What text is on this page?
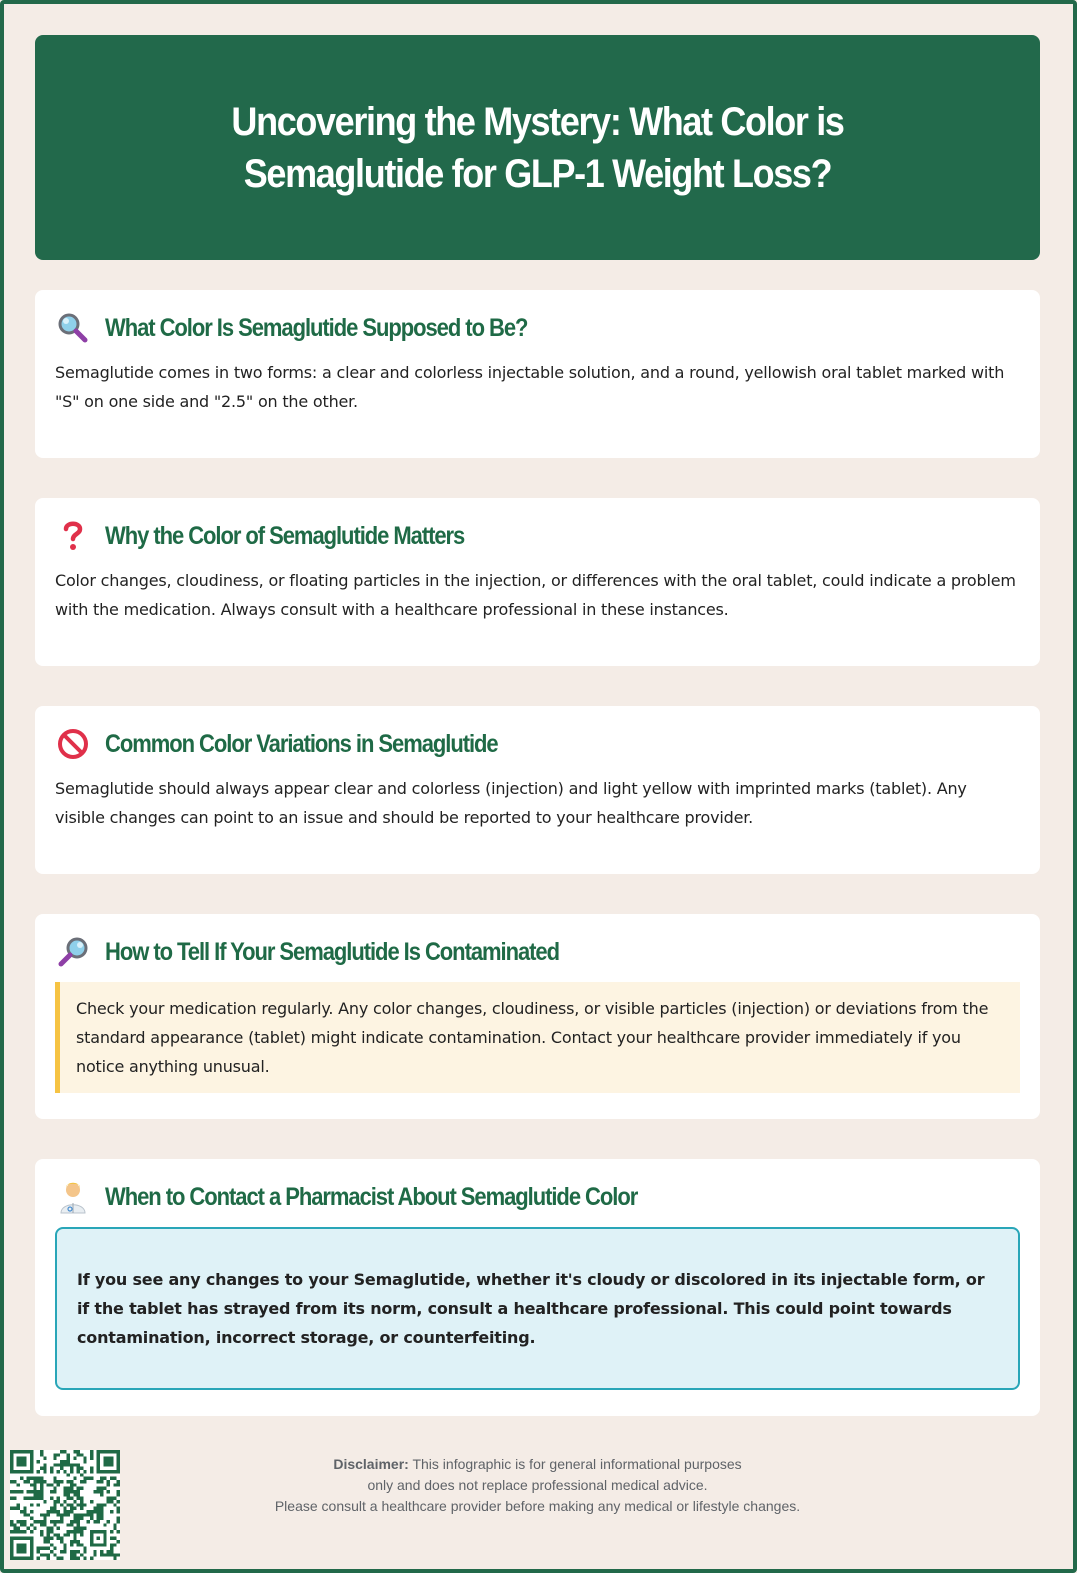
Uncovering the Mystery: What Color is Semaglutide for GLP-1 Weight Loss?
What Color Is Semaglutide Supposed to Be?

Semaglutide comes in two forms: a clear and colorless injectable solution, and a round, yellowish oral tablet marked with "S" on one side and "2.5" on the other.

Why the Color of Semaglutide Matters

Color changes, cloudiness, or floating particles in the injection, or differences with the oral tablet, could indicate a problem with the medication. Always consult with a healthcare professional in these instances.

Common Color Variations in Semaglutide

Semaglutide should always appear clear and colorless (injection) and light yellow with imprinted marks (tablet). Any visible changes can point to an issue and should be reported to your healthcare provider.

How to Tell If Your Semaglutide Is Contaminated

Check your medication regularly. Any color changes, cloudiness, or visible particles (injection) or deviations from the standard appearance (tablet) might indicate contamination. Contact your healthcare provider immediately if you notice anything unusual.

When to Contact a Pharmacist About Semaglutide Color

If you see any changes to your Semaglutide, whether it's cloudy or discolored in its injectable form, or if the tablet has strayed from its norm, consult a healthcare professional. This could point towards contamination, incorrect storage, or counterfeiting.

Disclaimer: This infographic is for general informational purposes
only and does not replace professional medical advice.
Please consult a healthcare provider before making any medical or lifestyle changes.
